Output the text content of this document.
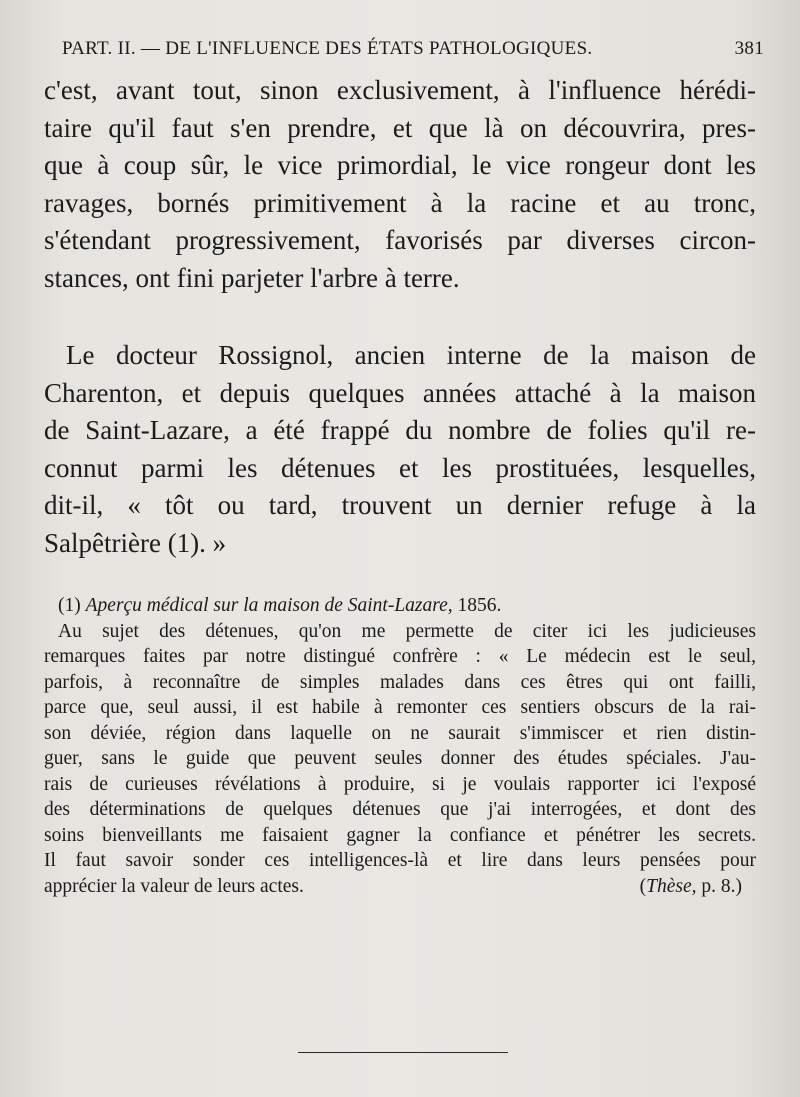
PART. II. — DE L'INFLUENCE DES ÉTATS PATHOLOGIQUES.	381
c'est, avant tout, sinon exclusivement, à l'influence hérédi-
taire qu'il faut s'en prendre, et que là on découvrira, pres-
que à coup sûr, le vice primordial, le vice rongeur dont les
ravages, bornés primitivement à la racine et au tronc,
s'étendant progressivement, favorisés par diverses circon-
stances, ont fini parjeter l'arbre à terre.
Le docteur Rossignol, ancien interne de la maison de
Charenton, et depuis quelques années attaché à la maison
de Saint-Lazare, a été frappé du nombre de folies qu'il re-
connut parmi les détenues et les prostituées, lesquelles,
dit-il, « tôt ou tard, trouvent un dernier refuge à la
Salpêtrière (1). »
(1) Aperçu médical sur la maison de Saint-Lazare, 1856.
Au sujet des détenues, qu'on me permette de citer ici les judicieuses
remarques faites par notre distingué confrère : « Le médecin est le seul,
parfois, à reconnaître de simples malades dans ces êtres qui ont failli,
parce que, seul aussi, il est habile à remonter ces sentiers obscurs de la rai-
son déviée, région dans laquelle on ne saurait s'immiscer et rien distin-
guer, sans le guide que peuvent seules donner des études spéciales. J'au-
rais de curieuses révélations à produire, si je voulais rapporter ici l'exposé
des déterminations de quelques détenues que j'ai interrogées, et dont des
soins bienveillants me faisaient gagner la confiance et pénétrer les secrets.
Il faut savoir sonder ces intelligences-là et lire dans leurs pensées pour
apprécier la valeur de leurs actes.	(Thèse, p. 8.)
